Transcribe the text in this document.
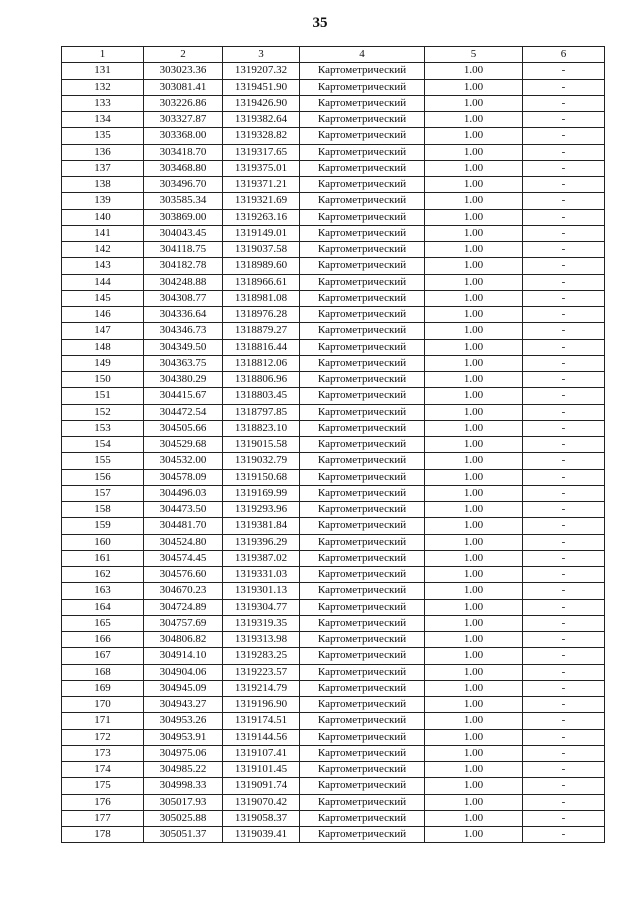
35
1	2	3	4	5	6
131	303023.36	1319207.32	Картометрический	1.00	-
132	303081.41	1319451.90	Картометрический	1.00	-
133	303226.86	1319426.90	Картометрический	1.00	-
134	303327.87	1319382.64	Картометрический	1.00	-
135	303368.00	1319328.82	Картометрический	1.00	-
136	303418.70	1319317.65	Картометрический	1.00	-
137	303468.80	1319375.01	Картометрический	1.00	-
138	303496.70	1319371.21	Картометрический	1.00	-
139	303585.34	1319321.69	Картометрический	1.00	-
140	303869.00	1319263.16	Картометрический	1.00	-
141	304043.45	1319149.01	Картометрический	1.00	-
142	304118.75	1319037.58	Картометрический	1.00	-
143	304182.78	1318989.60	Картометрический	1.00	-
144	304248.88	1318966.61	Картометрический	1.00	-
145	304308.77	1318981.08	Картометрический	1.00	-
146	304336.64	1318976.28	Картометрический	1.00	-
147	304346.73	1318879.27	Картометрический	1.00	-
148	304349.50	1318816.44	Картометрический	1.00	-
149	304363.75	1318812.06	Картометрический	1.00	-
150	304380.29	1318806.96	Картометрический	1.00	-
151	304415.67	1318803.45	Картометрический	1.00	-
152	304472.54	1318797.85	Картометрический	1.00	-
153	304505.66	1318823.10	Картометрический	1.00	-
154	304529.68	1319015.58	Картометрический	1.00	-
155	304532.00	1319032.79	Картометрический	1.00	-
156	304578.09	1319150.68	Картометрический	1.00	-
157	304496.03	1319169.99	Картометрический	1.00	-
158	304473.50	1319293.96	Картометрический	1.00	-
159	304481.70	1319381.84	Картометрический	1.00	-
160	304524.80	1319396.29	Картометрический	1.00	-
161	304574.45	1319387.02	Картометрический	1.00	-
162	304576.60	1319331.03	Картометрический	1.00	-
163	304670.23	1319301.13	Картометрический	1.00	-
164	304724.89	1319304.77	Картометрический	1.00	-
165	304757.69	1319319.35	Картометрический	1.00	-
166	304806.82	1319313.98	Картометрический	1.00	-
167	304914.10	1319283.25	Картометрический	1.00	-
168	304904.06	1319223.57	Картометрический	1.00	-
169	304945.09	1319214.79	Картометрический	1.00	-
170	304943.27	1319196.90	Картометрический	1.00	-
171	304953.26	1319174.51	Картометрический	1.00	-
172	304953.91	1319144.56	Картометрический	1.00	-
173	304975.06	1319107.41	Картометрический	1.00	-
174	304985.22	1319101.45	Картометрический	1.00	-
175	304998.33	1319091.74	Картометрический	1.00	-
176	305017.93	1319070.42	Картометрический	1.00	-
177	305025.88	1319058.37	Картометрический	1.00	-
178	305051.37	1319039.41	Картометрический	1.00	-
